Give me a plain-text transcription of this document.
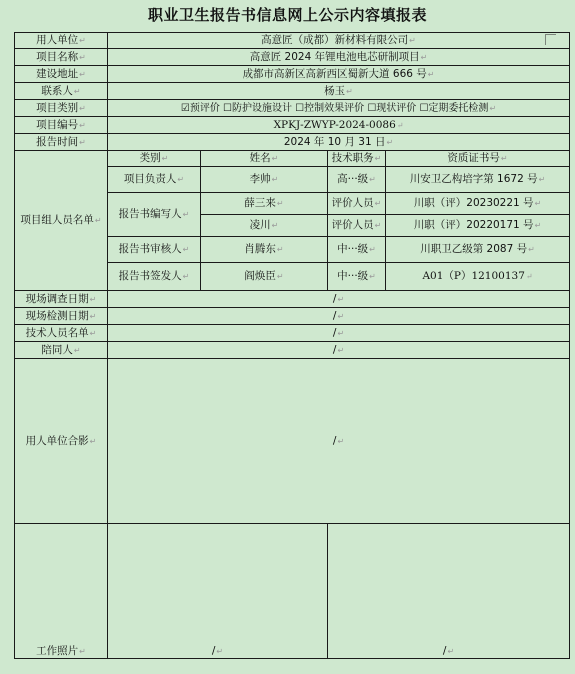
职业卫生报告书信息网上公示内容填报表
用人单位↵	高意匠（成都）新材料有限公司↵			
项目名称↵	高意匠 2024 年锂电池电芯研制项目↵			
建设地址↵	成都市高新区高新西区蜀新大道 666 号↵			
联系人↵	杨玉↵			
项目类别↵	☑预评价 ☐防护设施设计 ☐控制效果评价 ☐现状评价 ☐定期委托检测↵			
项目编号↵	XPKJ-ZWYP-2024-0086↵			
报告时间↵	2024 年 10 月 31 日↵			
项目组人员名单↵	类别↵	姓名↵	技术职务↵	资质证书号↵
	项目负责人↵	李帅↵	高···级↵	川安卫乙构培字第 1672 号↵
	报告书编写人↵	薛三来↵	评价人员↵	川职（评）20230221 号↵
		凌川↵	评价人员↵	川职（评）20220171 号↵
	报告书审核人↵	肖腾东↵	中···级↵	川职卫乙级第 2087 号↵
	报告书签发人↵	阎焕臣↵	中···级↵	A01（P）12100137↵
现场调查日期↵	/↵			
现场检测日期↵	/↵			
技术人员名单↵	/↵			
陪同人↵	/↵			
用人单位合影↵	/↵			
工作照片↵	/↵		/↵	
